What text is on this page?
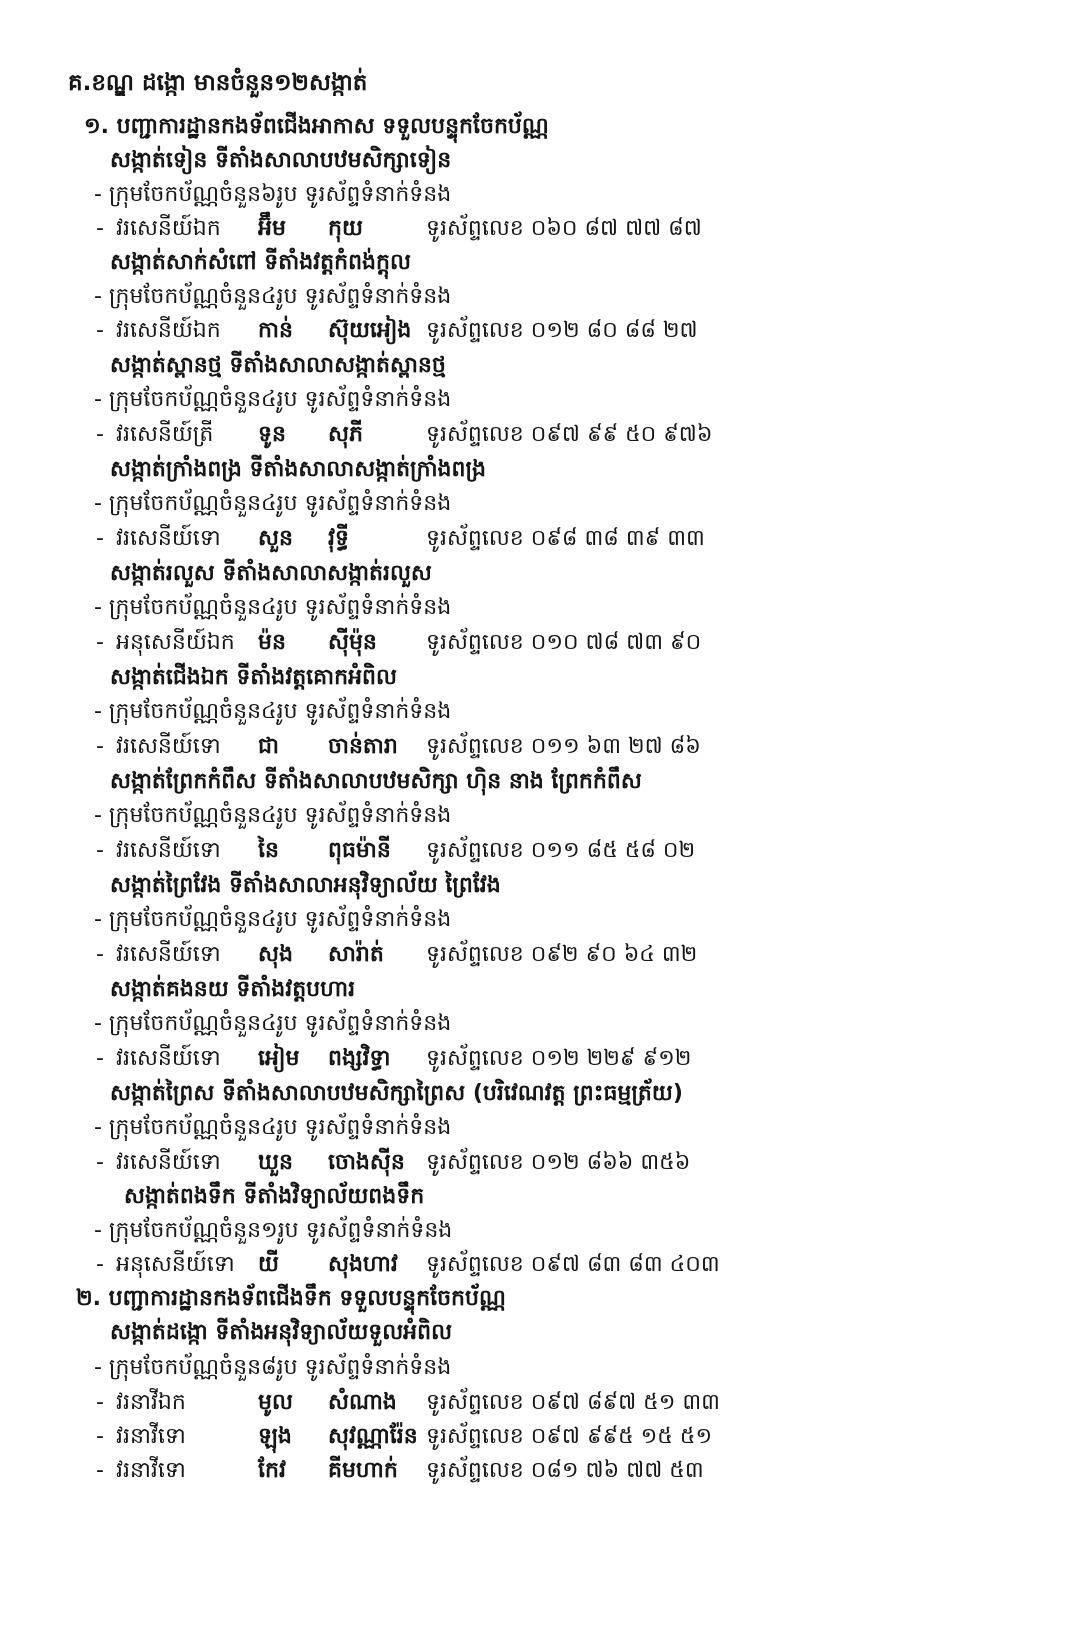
គ.ខណ្ឌ ដង្កោ មានចំនួន១២សង្កាត់
១. បញ្ជាការដ្ឋានកងទ័ពជើងអាកាស ទទួលបន្ទុកចែកប័ណ្ណ
សង្កាត់ទៀន ទីតាំងសាលាបឋមសិក្សាទៀន
- ក្រុមចែកប័ណ្ណចំនួន៦រូប ទូរស័ព្ទទំនាក់ទំនង
- វរសេនីយ៍ឯក អ៊ឹម កុយ	ទូរស័ព្ទលេខ ០៦០ ៨៧ ៧៧ ៨៧
សង្កាត់សាក់សំពៅ ទីតាំងវត្តកំពង់ក្តុល
- ក្រុមចែកប័ណ្ណចំនួន៤រូប ទូរស័ព្ទទំនាក់ទំនង
- វរសេនីយ៍ឯក កាន់ ស៊ុយអៀង ទូរស័ព្ទលេខ ០១២ ៨០ ៨៨ ២៧
សង្កាត់ស្ពានថ្ម ទីតាំងសាលាសង្កាត់ស្ពានថ្ម
- ក្រុមចែកប័ណ្ណចំនួន៤រូប ទូរស័ព្ទទំនាក់ទំនង
- វរសេនីយ៍ត្រី ទូន សុភី	ទូរស័ព្ទលេខ ០៩៧ ៩៩ ៥០ ៩៧៦
សង្កាត់ក្រាំងពង្រ ទីតាំងសាលាសង្កាត់ក្រាំងពង្រ
- ក្រុមចែកប័ណ្ណចំនួន៤រូប ទូរស័ព្ទទំនាក់ទំនង
- វរសេនីយ៍ទោ សួន វុទ្ធី	ទូរស័ព្ទលេខ ០៩៨ ៣៨ ៣៩ ៣៣
សង្កាត់រលួស ទីតាំងសាលាសង្កាត់រលួស
- ក្រុមចែកប័ណ្ណចំនួន៤រូប ទូរស័ព្ទទំនាក់ទំនង
- អនុសេនីយ៍ឯក ម៉ន ស៊ីម៉ុន ទូរស័ព្ទលេខ ០១០ ៧៨ ៧៣ ៩០
សង្កាត់ជើងឯក ទីតាំងវត្តគោកអំពិល
- ក្រុមចែកប័ណ្ណចំនួន៤រូប ទូរស័ព្ទទំនាក់ទំនង
- វរសេនីយ៍ទោ ជា ចាន់តារា ទូរស័ព្ទលេខ ០១១ ៦៣ ២៧ ៨៦
សង្កាត់ព្រែកកំពឹស ទីតាំងសាលាបឋមសិក្សា ហ៊ិន នាង ព្រែកកំពឹស
- ក្រុមចែកប័ណ្ណចំនួន៤រូប ទូរស័ព្ទទំនាក់ទំនង
- វរសេនីយ៍ទោ នៃ ពុធម៉ានី ទូរស័ព្ទលេខ ០១១ ៨៥ ៥៨ ០២
សង្កាត់ព្រៃវែង ទីតាំងសាលាអនុវិទ្យាល័យ ព្រៃវែង
- ក្រុមចែកប័ណ្ណចំនួន៤រូប ទូរស័ព្ទទំនាក់ទំនង
- វរសេនីយ៍ទោ សុង សារ៉ាត់ ទូរស័ព្ទលេខ ០៩២ ៩០ ៦៤ ៣២
សង្កាត់គងនយ ទីតាំងវត្តបហារ
- ក្រុមចែកប័ណ្ណចំនួន៤រូប ទូរស័ព្ទទំនាក់ទំនង
- វរសេនីយ៍ទោ អៀម ពង្សវិទ្ធា ទូរស័ព្ទលេខ ០១២ ២២៩ ៩១២
សង្កាត់ព្រៃស ទីតាំងសាលាបឋមសិក្សាព្រៃស (បរិវេណវត្ត ព្រះធម្មត្រ័យ)
- ក្រុមចែកប័ណ្ណចំនួន៤រូប ទូរស័ព្ទទំនាក់ទំនង
- វរសេនីយ៍ទោ ឃួន ចោងស៊ីន ទូរស័ព្ទលេខ ០១២ ៨៦៦ ៣៥៦
សង្កាត់ពងទឹក ទីតាំងវិទ្យាល័យពងទឹក
- ក្រុមចែកប័ណ្ណចំនួន១រូប ទូរស័ព្ទទំនាក់ទំនង
- អនុសេនីយ៍ទោ យី សុងហាវ ទូរស័ព្ទលេខ ០៩៧ ៨៣ ៨៣ ៤០៣
២. បញ្ជាការដ្ឋានកងទ័ពជើងទឹក ទទួលបន្ទុកចែកប័ណ្ណ
សង្កាត់ដង្កោ ទីតាំងអនុវិទ្យាល័យទួលអំពិល
- ក្រុមចែកប័ណ្ណចំនួន៨រូប ទូរស័ព្ទទំនាក់ទំនង
- វរនាវីឯក	មូល សំណាង ទូរស័ព្ទលេខ ០៩៧ ៨៩៧ ៥១ ៣៣
- វរនាវីទោ	ឡុង សុវណ្ណារ៉ែន ទូរស័ព្ទលេខ ០៩៧ ៩៩៥ ១៥ ៥១
- វរនាវីទោ	កែវ គីមហាក់ ទូរស័ព្ទលេខ ០៨១ ៧៦ ៧៧ ៥៣
